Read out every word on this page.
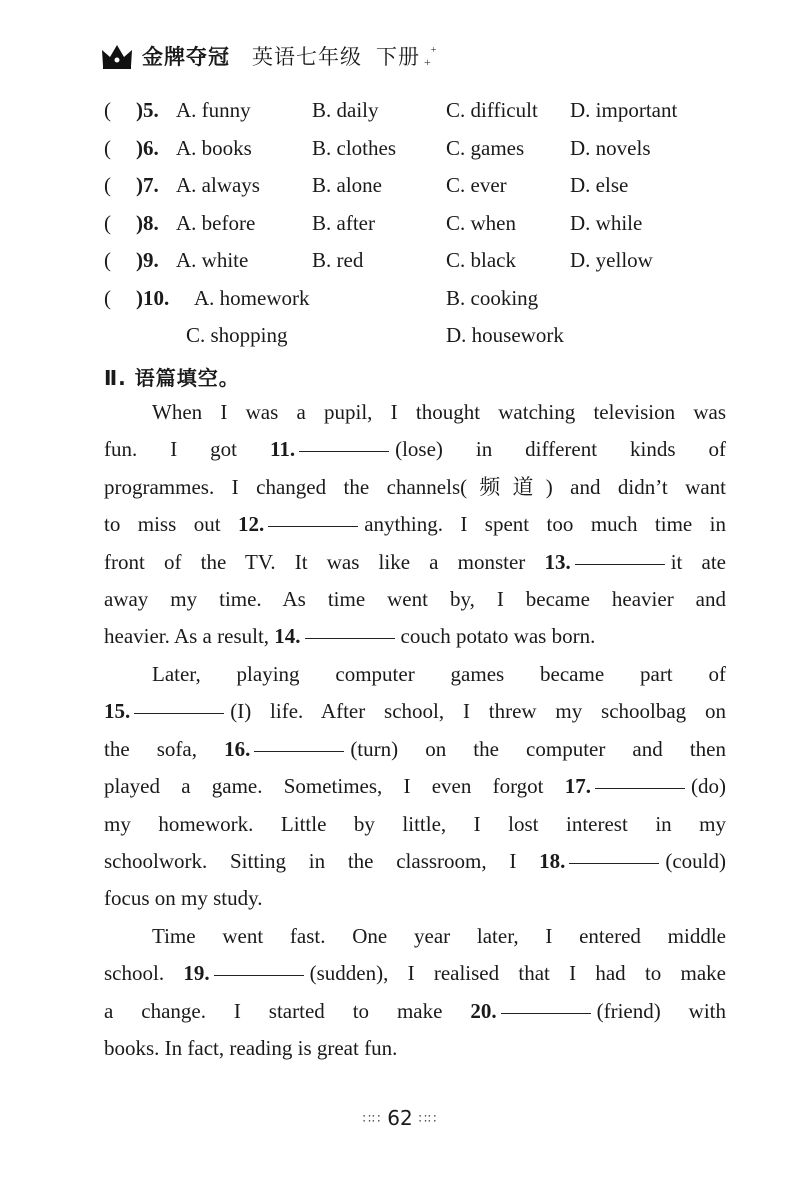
金牌夺冠 英语七年级 下册 +
+
( )5. A. funny	B. daily	C. difficult D. important
( )6. A. books	B. clothes C. games D. novels
( )7. A. always B. alone	C. ever	D. else
( )8. A. before	B. after	C. when	D. while
( )9. A. white	B. red	C. black	D. yellow
( )10. A. homework	B. cooking
C. shopping	D. housework
Ⅱ. 语篇填空。
When I was a pupil, I thought watching television was
fun. I got 11.	(lose) in different kinds of
programmes. I changed the channels(频道) and didn’t want
to miss out 12.	anything. I spent too much time in
front of the TV. It was like a monster 13.	it ate
away my time. As time went by, I became heavier and
heavier. As a result, 14.	couch potato was born.
Later, playing computer games became part of
15.	(I) life. After school, I threw my schoolbag on
the sofa, 16.	(turn) on the computer and then
played a game. Sometimes, I even forgot 17.	(do)
my homework. Little by little, I lost interest in my
schoolwork. Sitting in the classroom, I 18.	(could)
focus on my study.
Time went fast. One year later, I entered middle
school. 19.	(sudden), I realised that I had to make
a change. I started to make 20.	(friend) with
books. In fact, reading is great fun.
∷∷ 62 ∷∷
